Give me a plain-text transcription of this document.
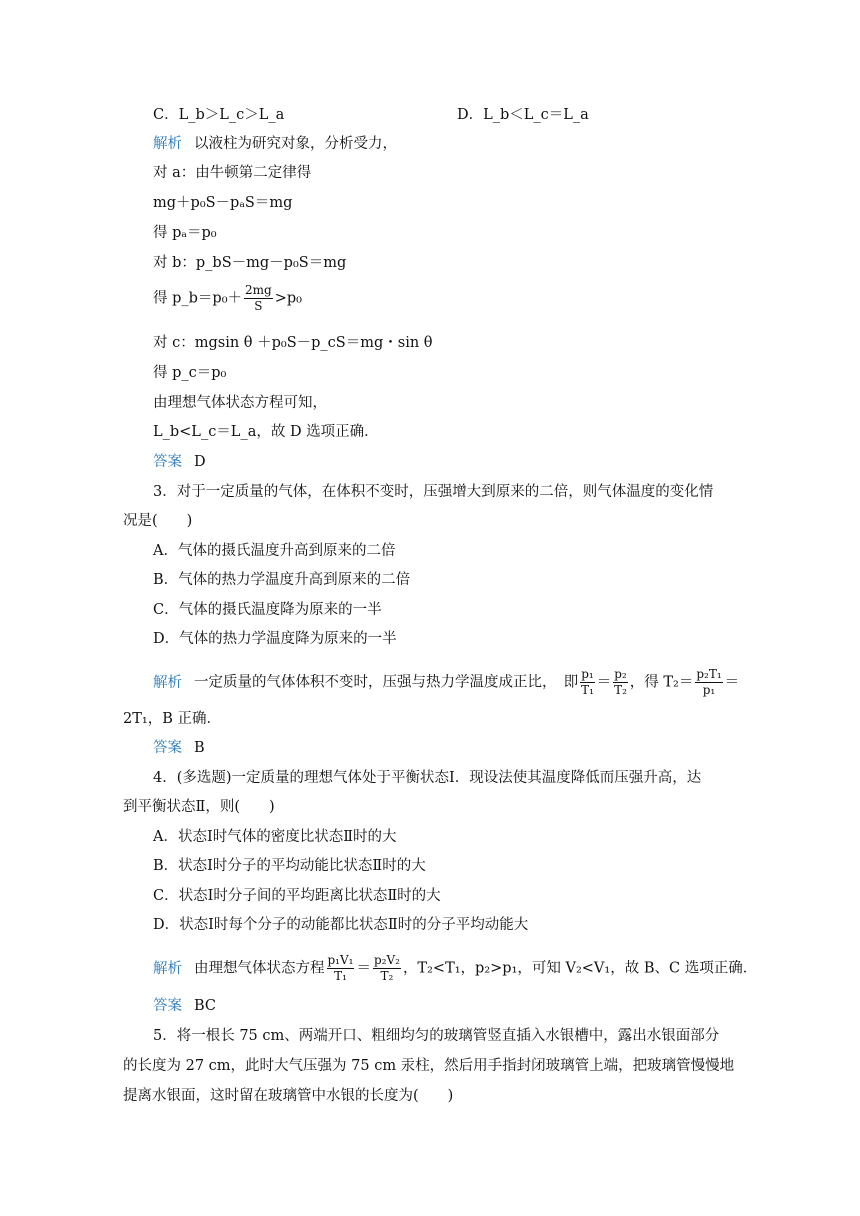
C．L_b＞L_c＞L_a	D．L_b＜L_c＝L_a
解析 以液柱为研究对象，分析受力，
对 a：由牛顿第二定律得
mg＋p₀S－pₐS＝mg
得 pₐ＝p₀
对 b：p_bS－mg－p₀S＝mg
得 p_b＝p₀＋ $\frac{2mg}{S} >p_0$
对 c：mgsin θ ＋p₀S－p_cS＝mg・sin θ
得 p_c＝p₀
由理想气体状态方程可知，
L_b<L_c＝L_a，故 D 选项正确．
答案 D
3．对于一定质量的气体，在体积不变时，压强增大到原来的二倍，则气体温度的变化情
况是(　　)
A．气体的摄氏温度升高到原来的二倍
B．气体的热力学温度升高到原来的二倍
C．气体的摄氏温度降为原来的一半
D．气体的热力学温度降为原来的一半
解析 一定质量的气体体积不变时，压强与热力学温度成正比，　即 $\frac{\text{p₁}}{\text{T₁}} = \frac{\text{p₂}}{\text{T₂}}$ ，得 $T_2= \frac{\text{p₂T₁}}{\text{p₁}}$ ＝
2T₁，B 正确．
答案 B
4．(多选题)一定质量的理想气体处于平衡状态Ⅰ．现设法使其温度降低而压强升高，达
到平衡状态Ⅱ，则(　　)
A．状态Ⅰ时气体的密度比状态Ⅱ时的大
B．状态Ⅰ时分子的平均动能比状态Ⅱ时的大
C．状态Ⅰ时分子间的平均距离比状态Ⅱ时的大
D．状态Ⅰ时每个分子的动能都比状态Ⅱ时的分子平均动能大
解析 由理想气体状态方程 $\frac{\text{p₁V₁}}{\text{T₁}} = \frac{\text{p₂V₂}}{\text{T₂}}$ ，T₂<T₁，p₂>p₁，可知 V₂<V₁，故 B、C 选项正确．
答案 BC
5．将一根长 75 cm、两端开口、粗细均匀的玻璃管竖直插入水银槽中，露出水银面部分
的长度为 27 cm，此时大气压强为 75 cm 汞柱，然后用手指封闭玻璃管上端，把玻璃管慢慢地
提离水银面，这时留在玻璃管中水银的长度为(　　)
